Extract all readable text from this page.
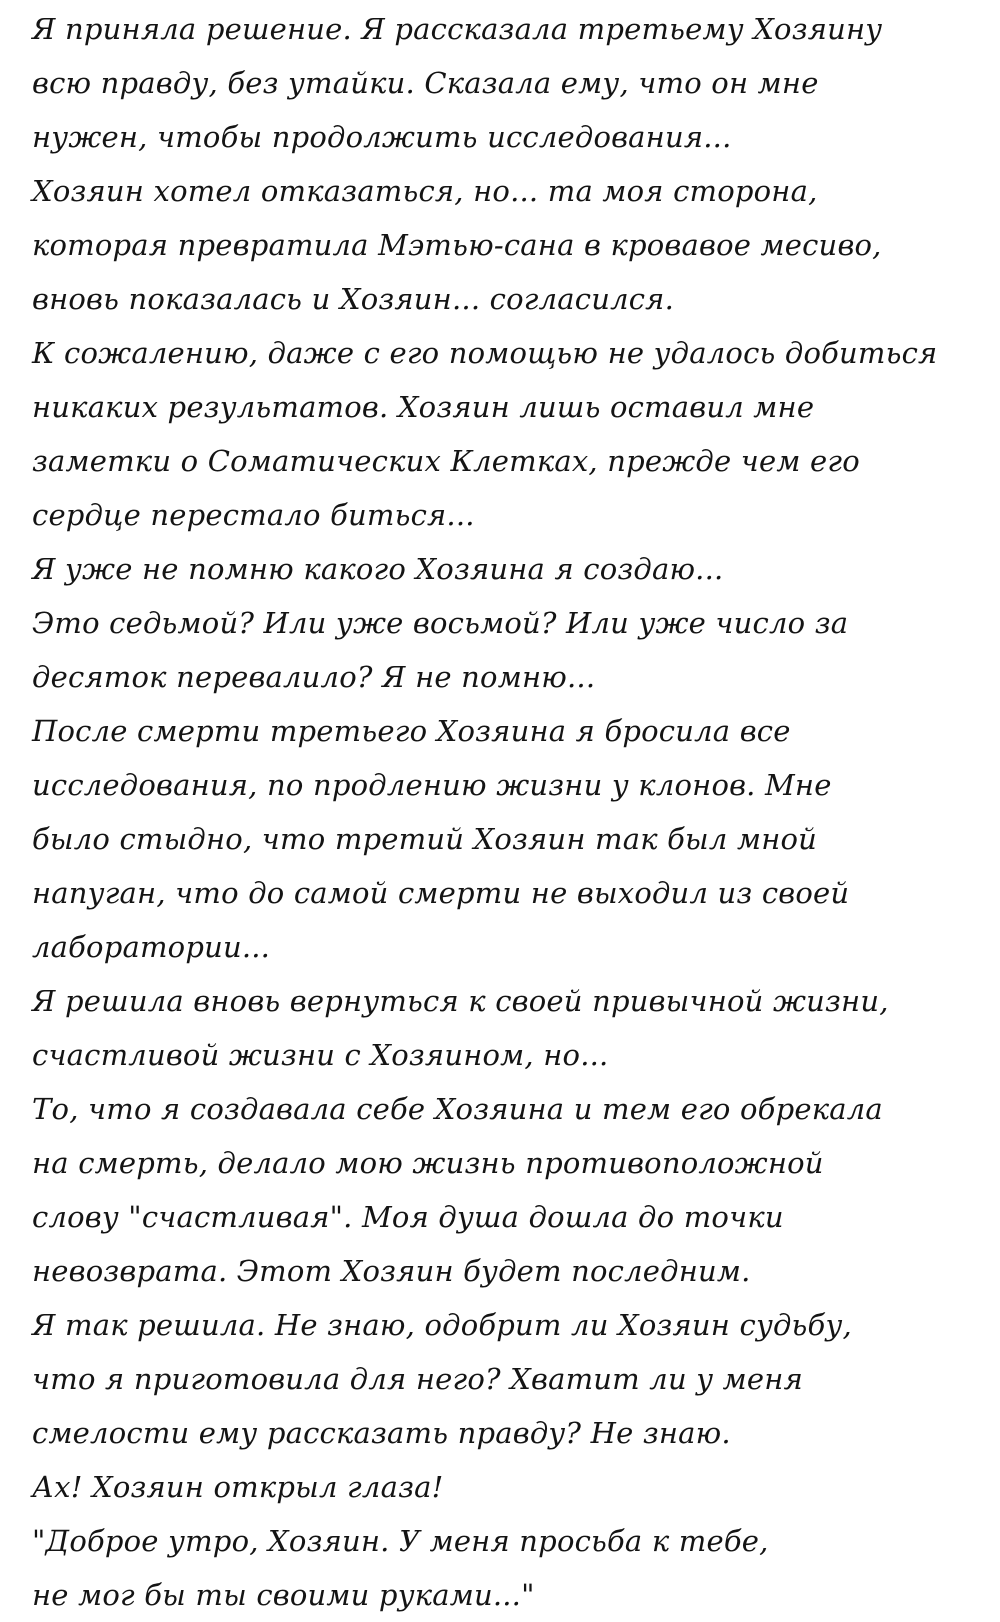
Я приняла решение. Я рассказала третьему Хозяину
всю правду, без утайки. Сказала ему, что он мне
нужен, чтобы продолжить исследования...
Хозяин хотел отказаться, но... та моя сторона,
которая превратила Мэтью-сана в кровавое месиво,
вновь показалась и Хозяин... согласился.
К сожалению, даже с его помощью не удалось добиться
никаких результатов. Хозяин лишь оставил мне
заметки о Соматических Клетках, прежде чем его
сердце перестало биться...
Я уже не помню какого Хозяина я создаю...
Это седьмой? Или уже восьмой? Или уже число за
десяток перевалило? Я не помню...
После смерти третьего Хозяина я бросила все
исследования, по продлению жизни у клонов. Мне
было стыдно, что третий Хозяин так был мной
напуган, что до самой смерти не выходил из своей
лаборатории...
Я решила вновь вернуться к своей привычной жизни,
счастливой жизни с Хозяином, но...
То, что я создавала себе Хозяина и тем его обрекала
на смерть, делало мою жизнь противоположной
слову "счастливая". Моя душа дошла до точки
невозврата. Этот Хозяин будет последним.
Я так решила. Не знаю, одобрит ли Хозяин судьбу,
что я приготовила для него? Хватит ли у меня
смелости ему рассказать правду? Не знаю.
Ах! Хозяин открыл глаза!
"Доброе утро, Хозяин. У меня просьба к тебе,
не мог бы ты своими руками..."
